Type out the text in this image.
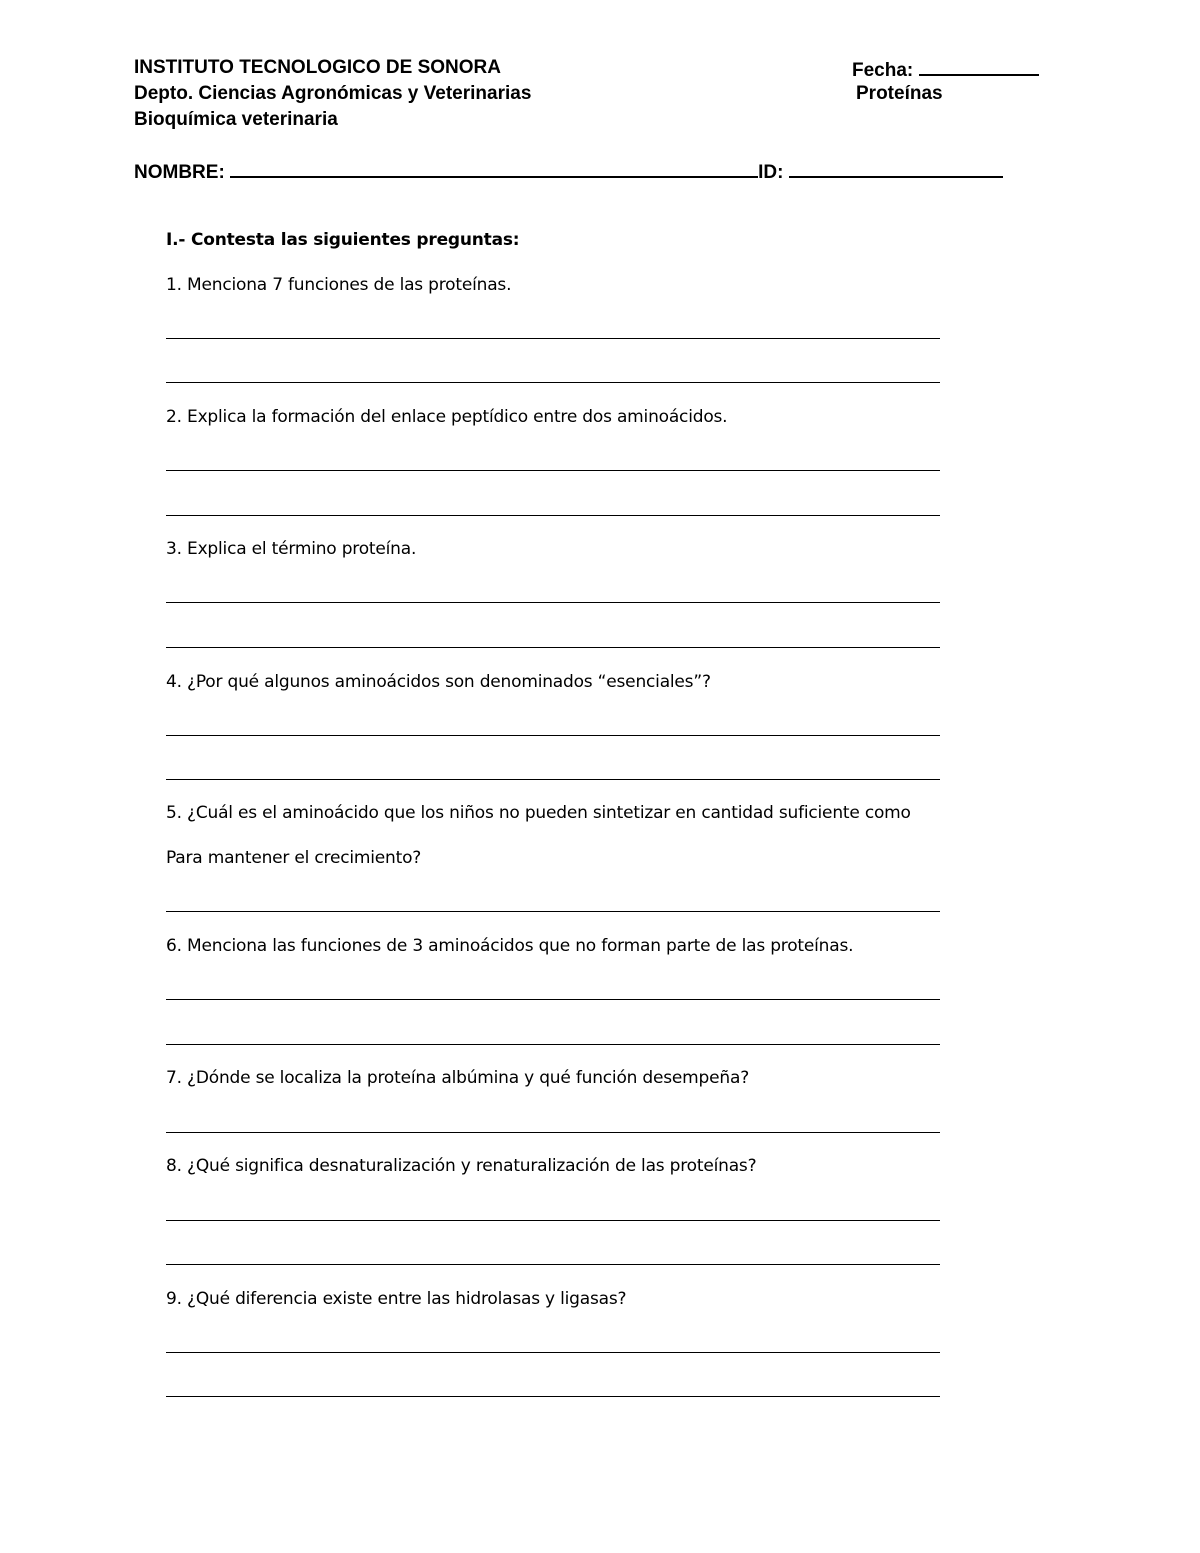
INSTITUTO TECNOLOGICO DE SONORA
Depto. Ciencias Agronómicas y Veterinarias
Bioquímica veterinaria
Fecha:
Proteínas
NOMBRE:	ID:
I.- Contesta las siguientes preguntas:
1. Menciona 7 funciones de las proteínas.
2. Explica la formación del enlace peptídico entre dos aminoácidos.
3. Explica el término proteína.
4. ¿Por qué algunos aminoácidos son denominados “esenciales”?
5. ¿Cuál es el aminoácido que los niños no pueden sintetizar en cantidad suficiente como
Para mantener el crecimiento?
6. Menciona las funciones de 3 aminoácidos que no forman parte de las proteínas.
7. ¿Dónde se localiza la proteína albúmina y qué función desempeña?
8. ¿Qué significa desnaturalización y renaturalización de las proteínas?
9. ¿Qué diferencia existe entre las hidrolasas y ligasas?
